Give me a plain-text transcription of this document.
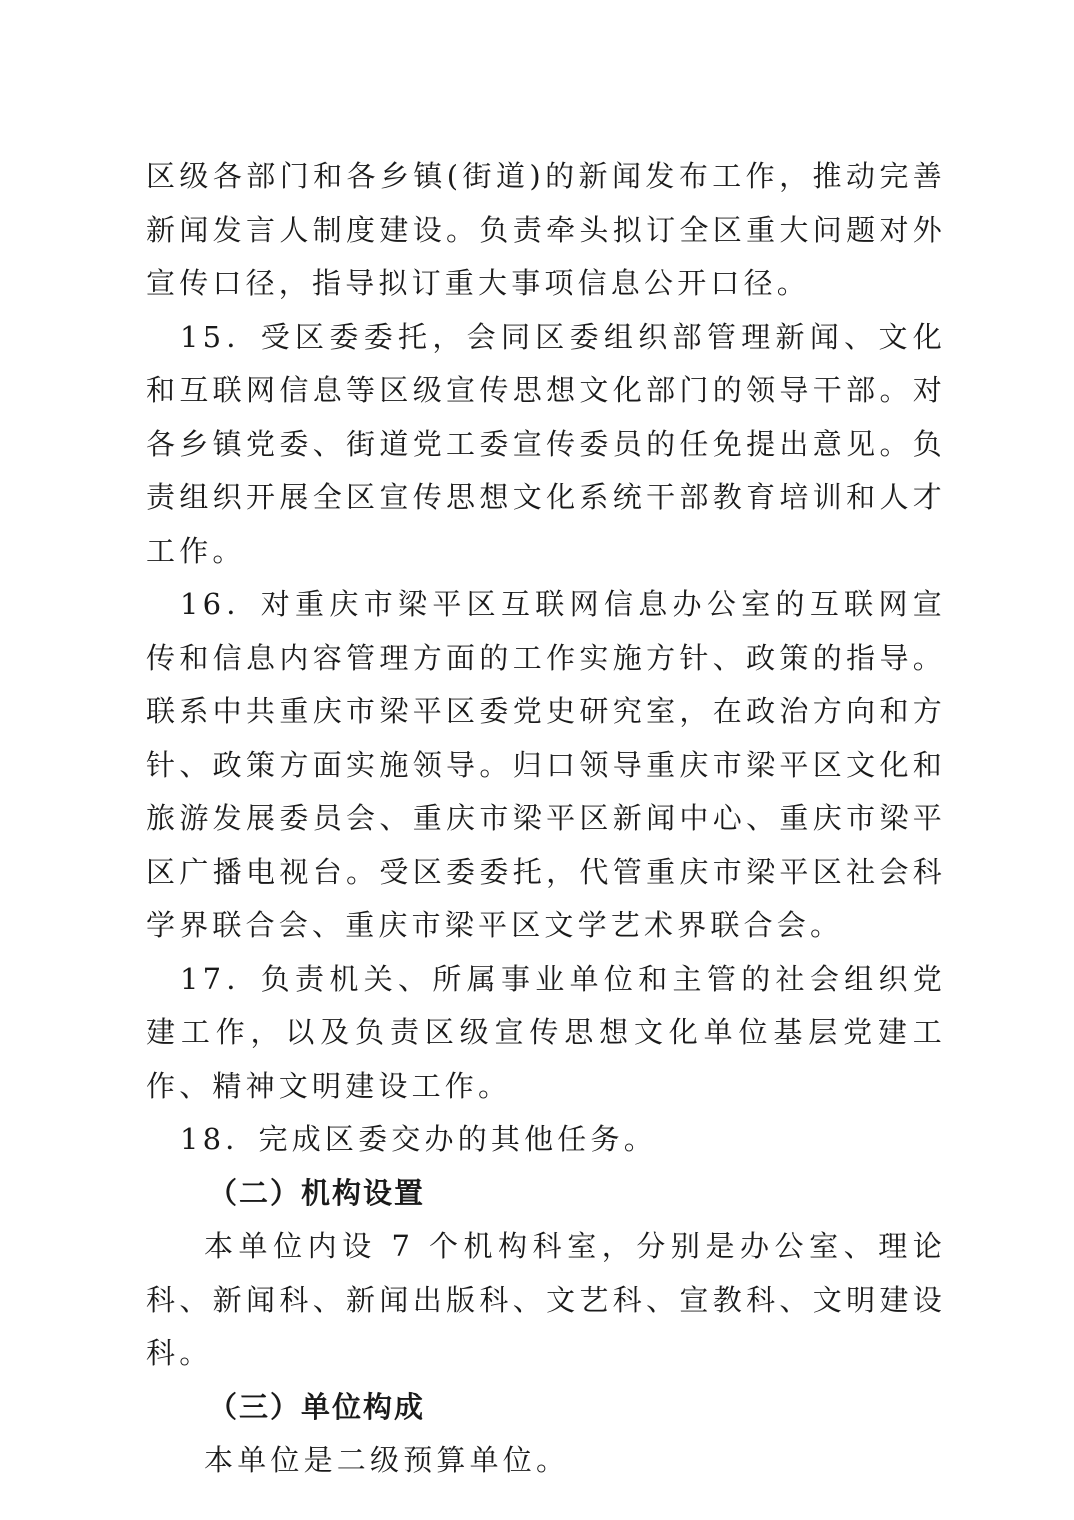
区级各部门和各乡镇(街道)的新闻发布工作，推动完善新闻发言人制度建设。负责牵头拟订全区重大问题对外宣传口径，指导拟订重大事项信息公开口径。

15．受区委委托，会同区委组织部管理新闻、文化和互联网信息等区级宣传思想文化部门的领导干部。对各乡镇党委、街道党工委宣传委员的任免提出意见。负责组织开展全区宣传思想文化系统干部教育培训和人才工作。

16．对重庆市梁平区互联网信息办公室的互联网宣传和信息内容管理方面的工作实施方针、政策的指导。联系中共重庆市梁平区委党史研究室，在政治方向和方针、政策方面实施领导。归口领导重庆市梁平区文化和旅游发展委员会、重庆市梁平区新闻中心、重庆市梁平区广播电视台。受区委委托，代管重庆市梁平区社会科学界联合会、重庆市梁平区文学艺术界联合会。

17．负责机关、所属事业单位和主管的社会组织党建工作，以及负责区级宣传思想文化单位基层党建工作、精神文明建设工作。

18．完成区委交办的其他任务。

（二）机构设置

本单位内设 7 个机构科室，分别是办公室、理论科、新闻科、新闻出版科、文艺科、宣教科、文明建设科。

（三）单位构成

本单位是二级预算单位。
